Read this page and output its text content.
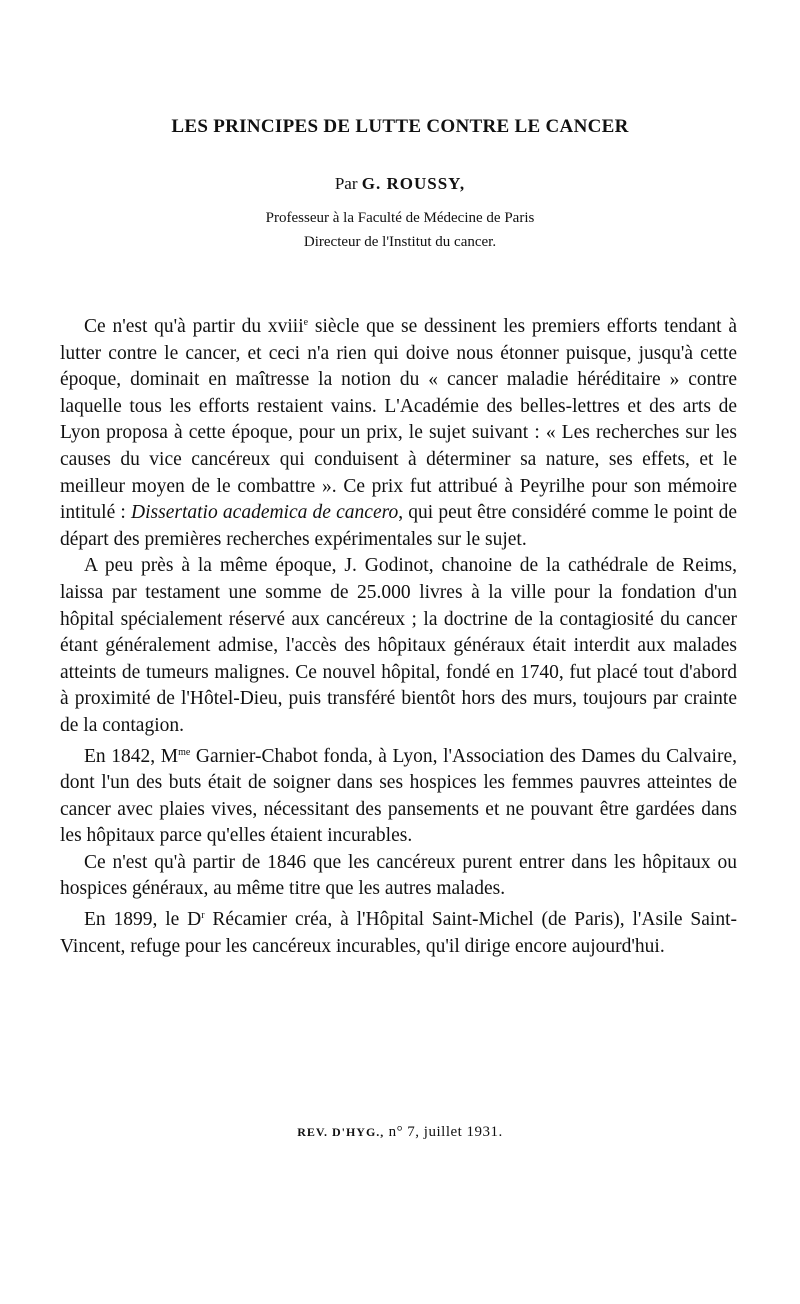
LES PRINCIPES DE LUTTE CONTRE LE CANCER
Par G. ROUSSY,
Professeur à la Faculté de Médecine de Paris
Directeur de l'Institut du cancer.

Ce n'est qu'à partir du xviii$^e$ siècle que se dessinent les premiers efforts tendant à lutter contre le cancer, et ceci n'a rien qui doive nous étonner puisque, jusqu'à cette époque, dominait en maîtresse la notion du « cancer maladie héréditaire » contre laquelle tous les efforts restaient vains. L'Académie des belles-lettres et des arts de Lyon proposa à cette époque, pour un prix, le sujet suivant : « Les recherches sur les causes du vice cancéreux qui conduisent à déterminer sa nature, ses effets, et le meilleur moyen de le combattre ». Ce prix fut attribué à Peyrilhe pour son mémoire intitulé : Dissertatio academica de cancero, qui peut être considéré comme le point de départ des premières recherches expérimentales sur le sujet.

A peu près à la même époque, J. Godinot, chanoine de la cathédrale de Reims, laissa par testament une somme de 25.000 livres à la ville pour la fondation d'un hôpital spécialement réservé aux cancéreux ; la doctrine de la contagiosité du cancer étant généralement admise, l'accès des hôpitaux généraux était interdit aux malades atteints de tumeurs malignes. Ce nouvel hôpital, fondé en 1740, fut placé tout d'abord à proximité de l'Hôtel-Dieu, puis transféré bientôt hors des murs, toujours par crainte de la contagion.

En 1842, $M^{me}$ Garnier-Chabot fonda, à Lyon, l'Association des Dames du Calvaire, dont l'un des buts était de soigner dans ses hospices les femmes pauvres atteintes de cancer avec plaies vives, nécessitant des pansements et ne pouvant être gardées dans les hôpitaux parce qu'elles étaient incurables.

Ce n'est qu'à partir de 1846 que les cancéreux purent entrer dans les hôpitaux ou hospices généraux, au même titre que les autres malades.

En 1899, le $D^r$ Récamier créa, à l'Hôpital Saint-Michel (de Paris), l'Asile Saint-Vincent, refuge pour les cancéreux incurables, qu'il dirige encore aujourd'hui.

REV. D'HYG., n° 7, juillet 1931.
